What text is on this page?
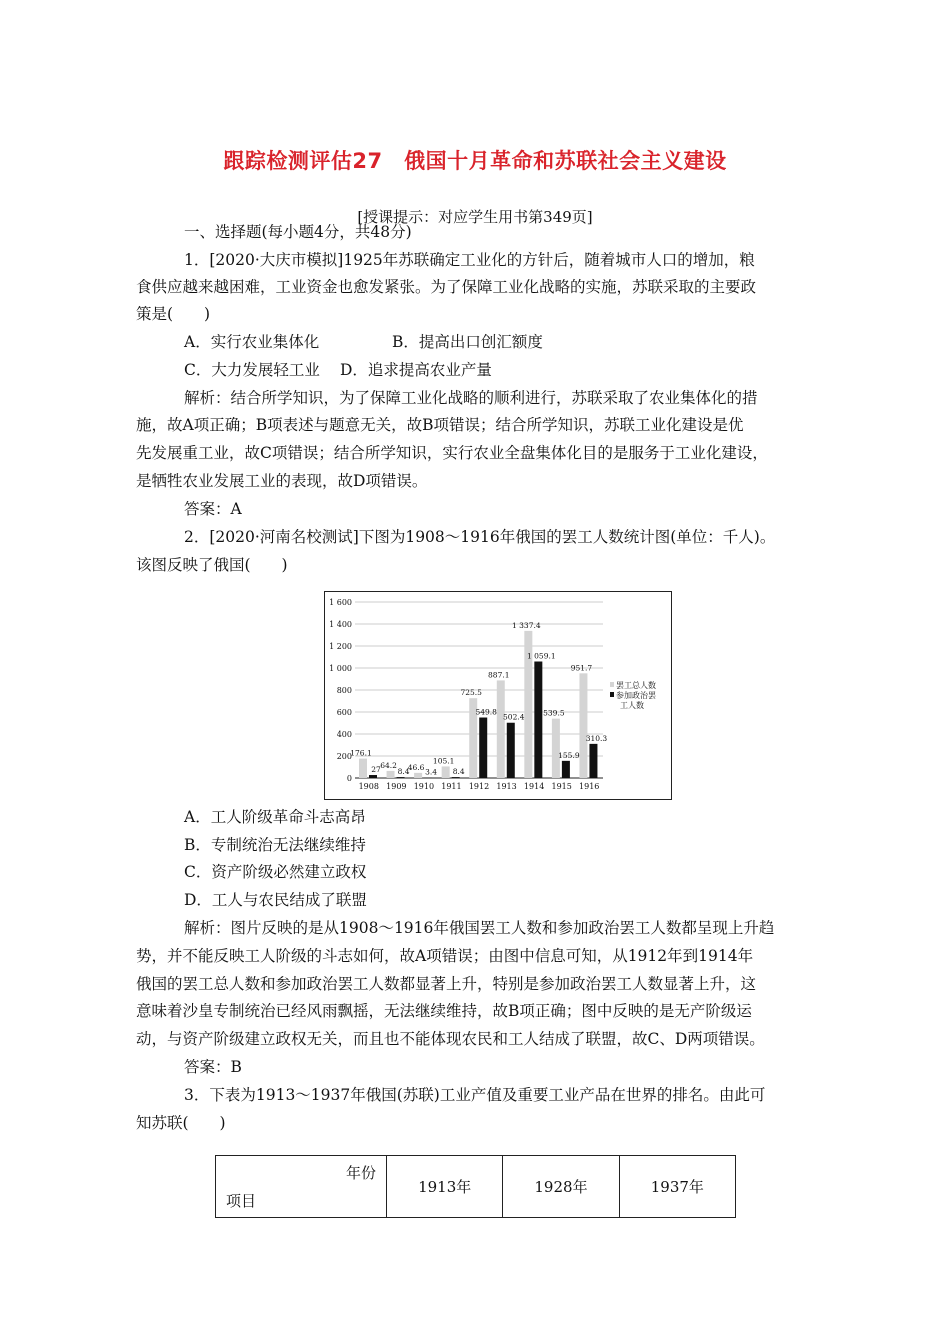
跟踪检测评估27　俄国十月革命和苏联社会主义建设
[授课提示：对应学生用书第349页]
一、选择题(每小题4分，共48分)
1．[2020·大庆市模拟]1925年苏联确定工业化的方针后，随着城市人口的增加，粮
食供应越来越困难，工业资金也愈发紧张。为了保障工业化战略的实施，苏联采取的主要政
策是(　　)
A．实行农业集体化	B．提高出口创汇额度
C．大力发展轻工业 D．追求提高农业产量
解析：结合所学知识，为了保障工业化战略的顺利进行，苏联采取了农业集体化的措
施，故A项正确；B项表述与题意无关，故B项错误；结合所学知识，苏联工业化建设是优
先发展重工业，故C项错误；结合所学知识，实行农业全盘集体化目的是服务于工业化建设，
是牺牲农业发展工业的表现，故D项错误。
答案：A
2．[2020·河南名校测试]下图为1908～1916年俄国的罢工人数统计图(单位：千人)。
该图反映了俄国(　　)
0
200
400
600
800
1 000
1 200
1 400
1 600
176.1
27
1908
64.2
8.4
1909
46.6
3.4
1910
105.1
8.4
1911
725.5
549.8
1912
887.1
502.4
1913
1 337.4
1 059.1
1914
539.5
155.9
1915
951.7
310.3
1916
罢工总人数
参加政治罢
工人数
A．工人阶级革命斗志高昂
B．专制统治无法继续维持
C．资产阶级必然建立政权
D．工人与农民结成了联盟
解析：图片反映的是从1908～1916年俄国罢工人数和参加政治罢工人数都呈现上升趋
势，并不能反映工人阶级的斗志如何，故A项错误；由图中信息可知，从1912年到1914年
俄国的罢工总人数和参加政治罢工人数都显著上升，特别是参加政治罢工人数显著上升，这
意味着沙皇专制统治已经风雨飘摇，无法继续维持，故B项正确；图中反映的是无产阶级运
动，与资产阶级建立政权无关，而且也不能体现农民和工人结成了联盟，故C、D两项错误。
答案：B
3．下表为1913～1937年俄国(苏联)工业产值及重要工业产品在世界的排名。由此可
知苏联(　　)
年份
项目
	1913年	1928年	1937年
